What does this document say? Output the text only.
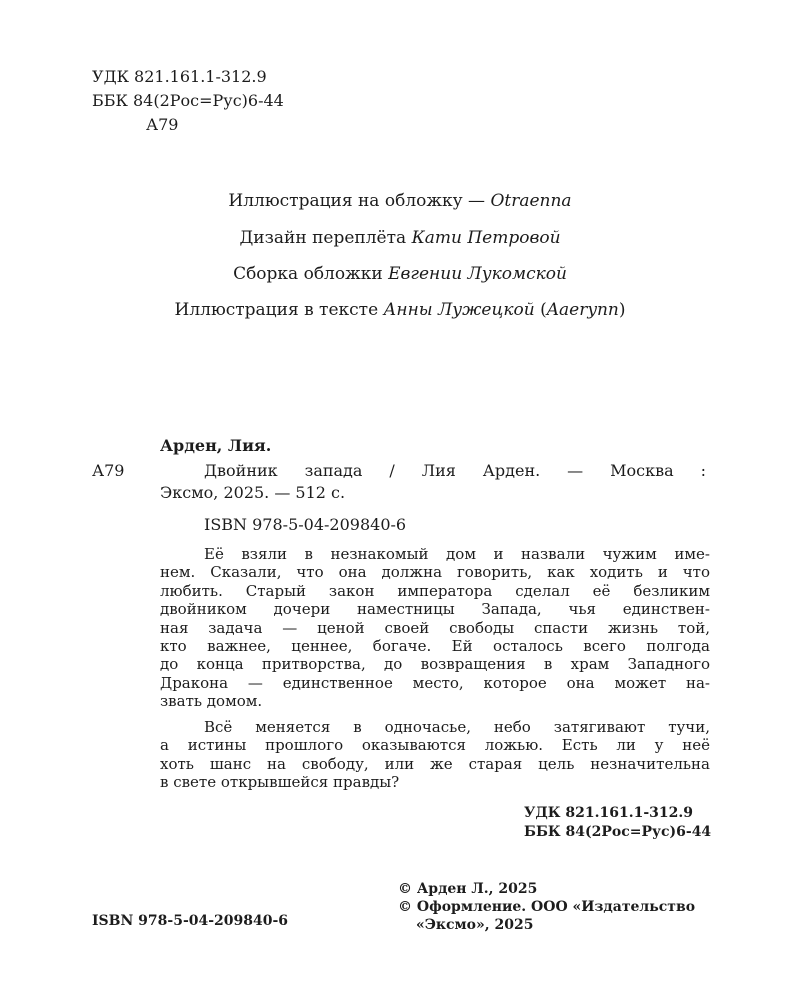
УДК 821.161.1-312.9
ББК 84(2Рос=Рус)6-44
А79
Иллюстрация на обложку — Otraenna
Дизайн переплёта Кати Петровой
Сборка обложки Евгении Лукомской
Иллюстрация в тексте Анны Лужецкой (Aaerynn)
Арден, Лия.
А79	Двойник запада / Лия Арден. — Москва :
Эксмо, 2025. — 512 с.
ISBN 978-5-04-209840-6
Её взяли в незнакомый дом и назвали чужим име-
нем. Сказали, что она должна говорить, как ходить и что
любить. Старый закон императора сделал её безликим
двойником дочери наместницы Запада, чья единствен-
ная задача — ценой своей свободы спасти жизнь той,
кто важнее, ценнее, богаче. Ей осталось всего полгода
до конца притворства, до возвращения в храм Западного
Дракона — единственное место, которое она может на-
звать домом.
Всё меняется в одночасье, небо затягивают тучи,
а истины прошлого оказываются ложью. Есть ли у неё
хоть шанс на свободу, или же старая цель незначительна
в свете открывшейся правды?
УДК 821.161.1-312.9
ББК 84(2Рос=Рус)6-44
ISBN 978-5-04-209840-6
© Арден Л., 2025
© Оформление. ООО «Издательство
«Эксмо», 2025
